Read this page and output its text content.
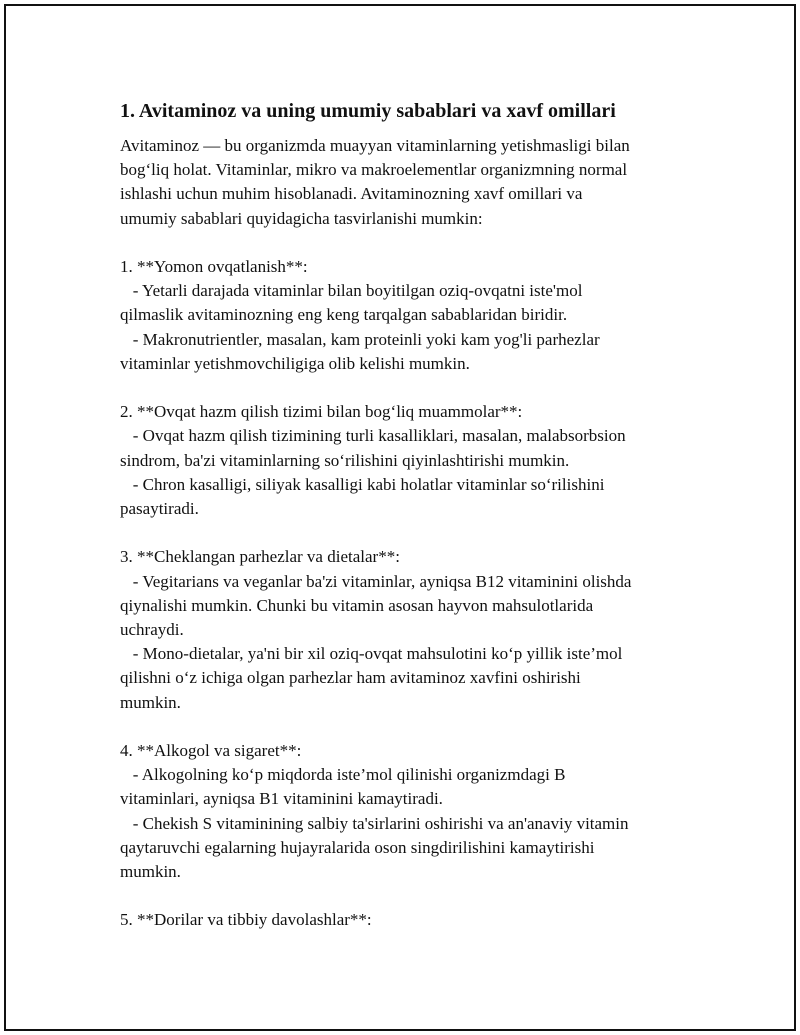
1. Avitaminoz va uning umumiy sabablari va xavf omillari
Avitaminoz — bu organizmda muayyan vitaminlarning yetishmasligi bilan
bog‘liq holat. Vitaminlar, mikro va makroelementlar organizmning normal
ishlashi uchun muhim hisoblanadi. Avitaminozning xavf omillari va
umumiy sabablari quyidagicha tasvirlanishi mumkin:
1. **Yomon ovqatlanish**:
- Yetarli darajada vitaminlar bilan boyitilgan oziq-ovqatni iste'mol
qilmaslik avitaminozning eng keng tarqalgan sabablaridan biridir.
- Makronutrientler, masalan, kam proteinli yoki kam yog'li parhezlar
vitaminlar yetishmovchiligiga olib kelishi mumkin.
2. **Ovqat hazm qilish tizimi bilan bog‘liq muammolar**:
- Ovqat hazm qilish tizimining turli kasalliklari, masalan, malabsorbsion
sindrom, ba'zi vitaminlarning so‘rilishini qiyinlashtirishi mumkin.
- Chron kasalligi, siliyak kasalligi kabi holatlar vitaminlar so‘rilishini
pasaytiradi.
3. **Cheklangan parhezlar va dietalar**:
- Vegitarians va veganlar ba'zi vitaminlar, ayniqsa B12 vitaminini olishda
qiynalishi mumkin. Chunki bu vitamin asosan hayvon mahsulotlarida
uchraydi.
- Mono-dietalar, ya'ni bir xil oziq-ovqat mahsulotini ko‘p yillik iste’mol
qilishni o‘z ichiga olgan parhezlar ham avitaminoz xavfini oshirishi
mumkin.
4. **Alkogol va sigaret**:
- Alkogolning ko‘p miqdorda iste’mol qilinishi organizmdagi B
vitaminlari, ayniqsa B1 vitaminini kamaytiradi.
- Chekish S vitaminining salbiy ta'sirlarini oshirishi va an'anaviy vitamin
qaytaruvchi egalarning hujayralarida oson singdirilishini kamaytirishi
mumkin.
5. **Dorilar va tibbiy davolashlar**:
